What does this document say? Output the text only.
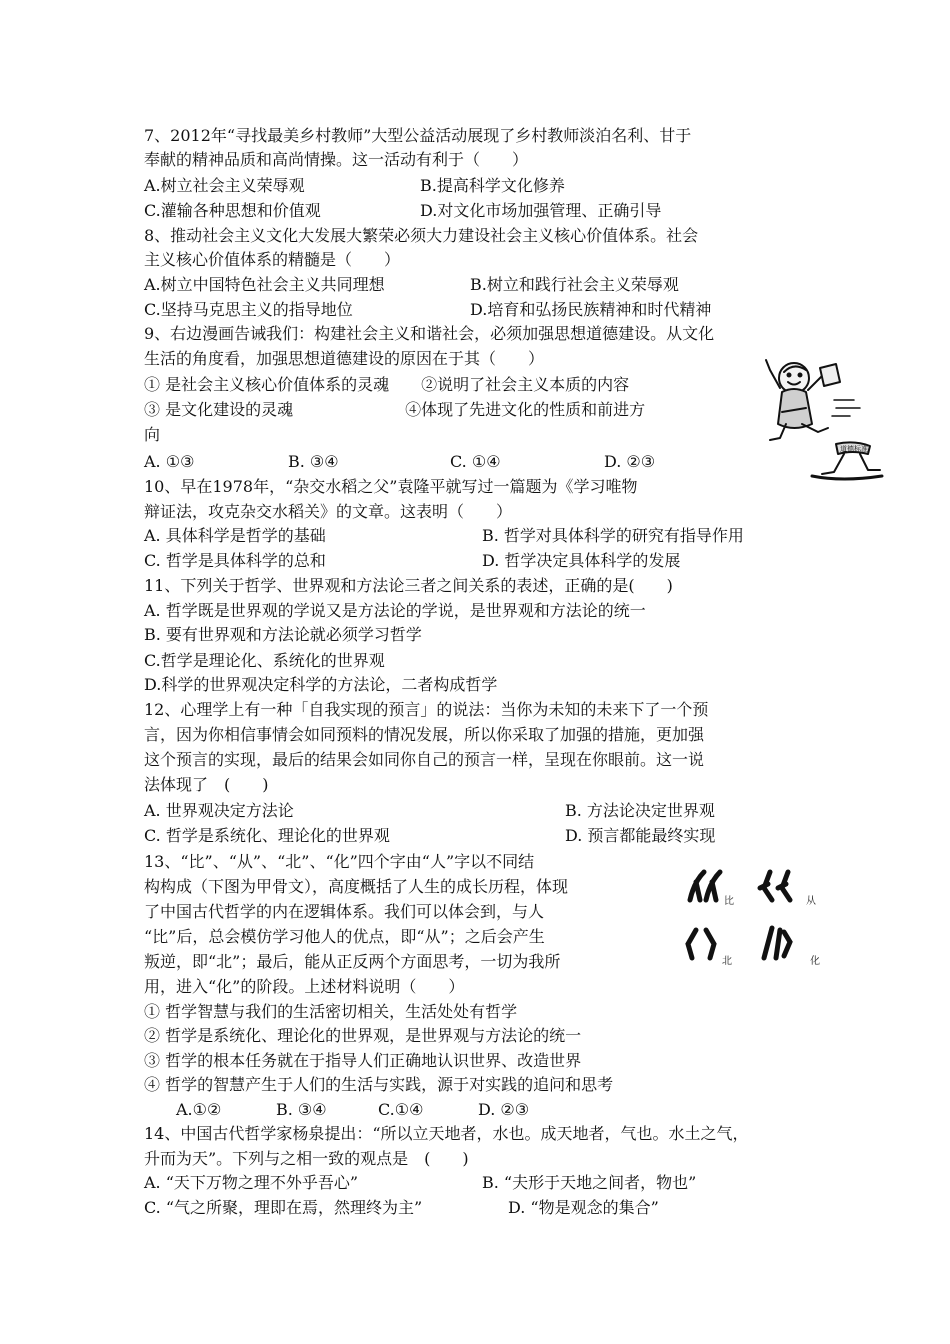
7、2012年“寻找最美乡村教师”大型公益活动展现了乡村教师淡泊名利、甘于
奉献的精神品质和高尚情操。这一活动有利于（　　）
A.树立社会主义荣辱观	B.提高科学文化修养
C.灌输各种思想和价值观	D.对文化市场加强管理、正确引导
8、推动社会主义文化大发展大繁荣必须大力建设社会主义核心价值体系。社会
主义核心价值体系的精髓是（　　）
A.树立中国特色社会主义共同理想	B.树立和践行社会主义荣辱观
C.坚持马克思主义的指导地位	D.培育和弘扬民族精神和时代精神
9、右边漫画告诫我们：构建社会主义和谐社会，必须加强思想道德建设。从文化
生活的角度看，加强思想道德建设的原因在于其（　　）
① 是社会主义核心价值体系的灵魂　　②说明了社会主义本质的内容
③ 是文化建设的灵魂　　　　　　　④体现了先进文化的性质和前进方
向
A. ①③	B. ③④	C. ①④	D. ②③
道德标准
10、早在1978年，“杂交水稻之父”袁隆平就写过一篇题为《学习唯物
辩证法，攻克杂交水稻关》的文章。这表明（　　）
A. 具体科学是哲学的基础	B. 哲学对具体科学的研究有指导作用
C. 哲学是具体科学的总和	D. 哲学决定具体科学的发展
11、下列关于哲学、世界观和方法论三者之间关系的表述，正确的是(　　)
A. 哲学既是世界观的学说又是方法论的学说，是世界观和方法论的统一
B. 要有世界观和方法论就必须学习哲学
C.哲学是理论化、系统化的世界观
D.科学的世界观决定科学的方法论，二者构成哲学
12、心理学上有一种「自我实现的预言」的说法：当你为未知的未来下了一个预
言，因为你相信事情会如同预料的情况发展，所以你采取了加强的措施，更加强
这个预言的实现，最后的结果会如同你自己的预言一样，呈现在你眼前。这一说
法体现了　(　　)
A. 世界观决定方法论	B. 方法论决定世界观
C. 哲学是系统化、理论化的世界观	D. 预言都能最终实现
13、“比”、“从”、“北”、“化”四个字由“人”字以不同结
构构成（下图为甲骨文），高度概括了人生的成长历程，体现
了中国古代哲学的内在逻辑体系。我们可以体会到，与人
“比”后，总会模仿学习他人的优点，即“从”；之后会产生
叛逆，即“北”；最后，能从正反两个方面思考，一切为我所
用，进入“化”的阶段。上述材料说明（　　）
① 哲学智慧与我们的生活密切相关，生活处处有哲学
② 哲学是系统化、理论化的世界观，是世界观与方法论的统一
③ 哲学的根本任务就在于指导人们正确地认识世界、改造世界
④ 哲学的智慧产生于人们的生活与实践，源于对实践的追问和思考
A.①②	B. ③④	C.①④	D. ②③
比	从
北	化
14、中国古代哲学家杨泉提出：“所以立天地者，水也。成天地者，气也。水土之气，
升而为天”。下列与之相一致的观点是　(　　)
A. “天下万物之理不外乎吾心”	B. “夫形于天地之间者，物也”
C. “气之所聚，理即在焉，然理终为主”	D. “物是观念的集合”
